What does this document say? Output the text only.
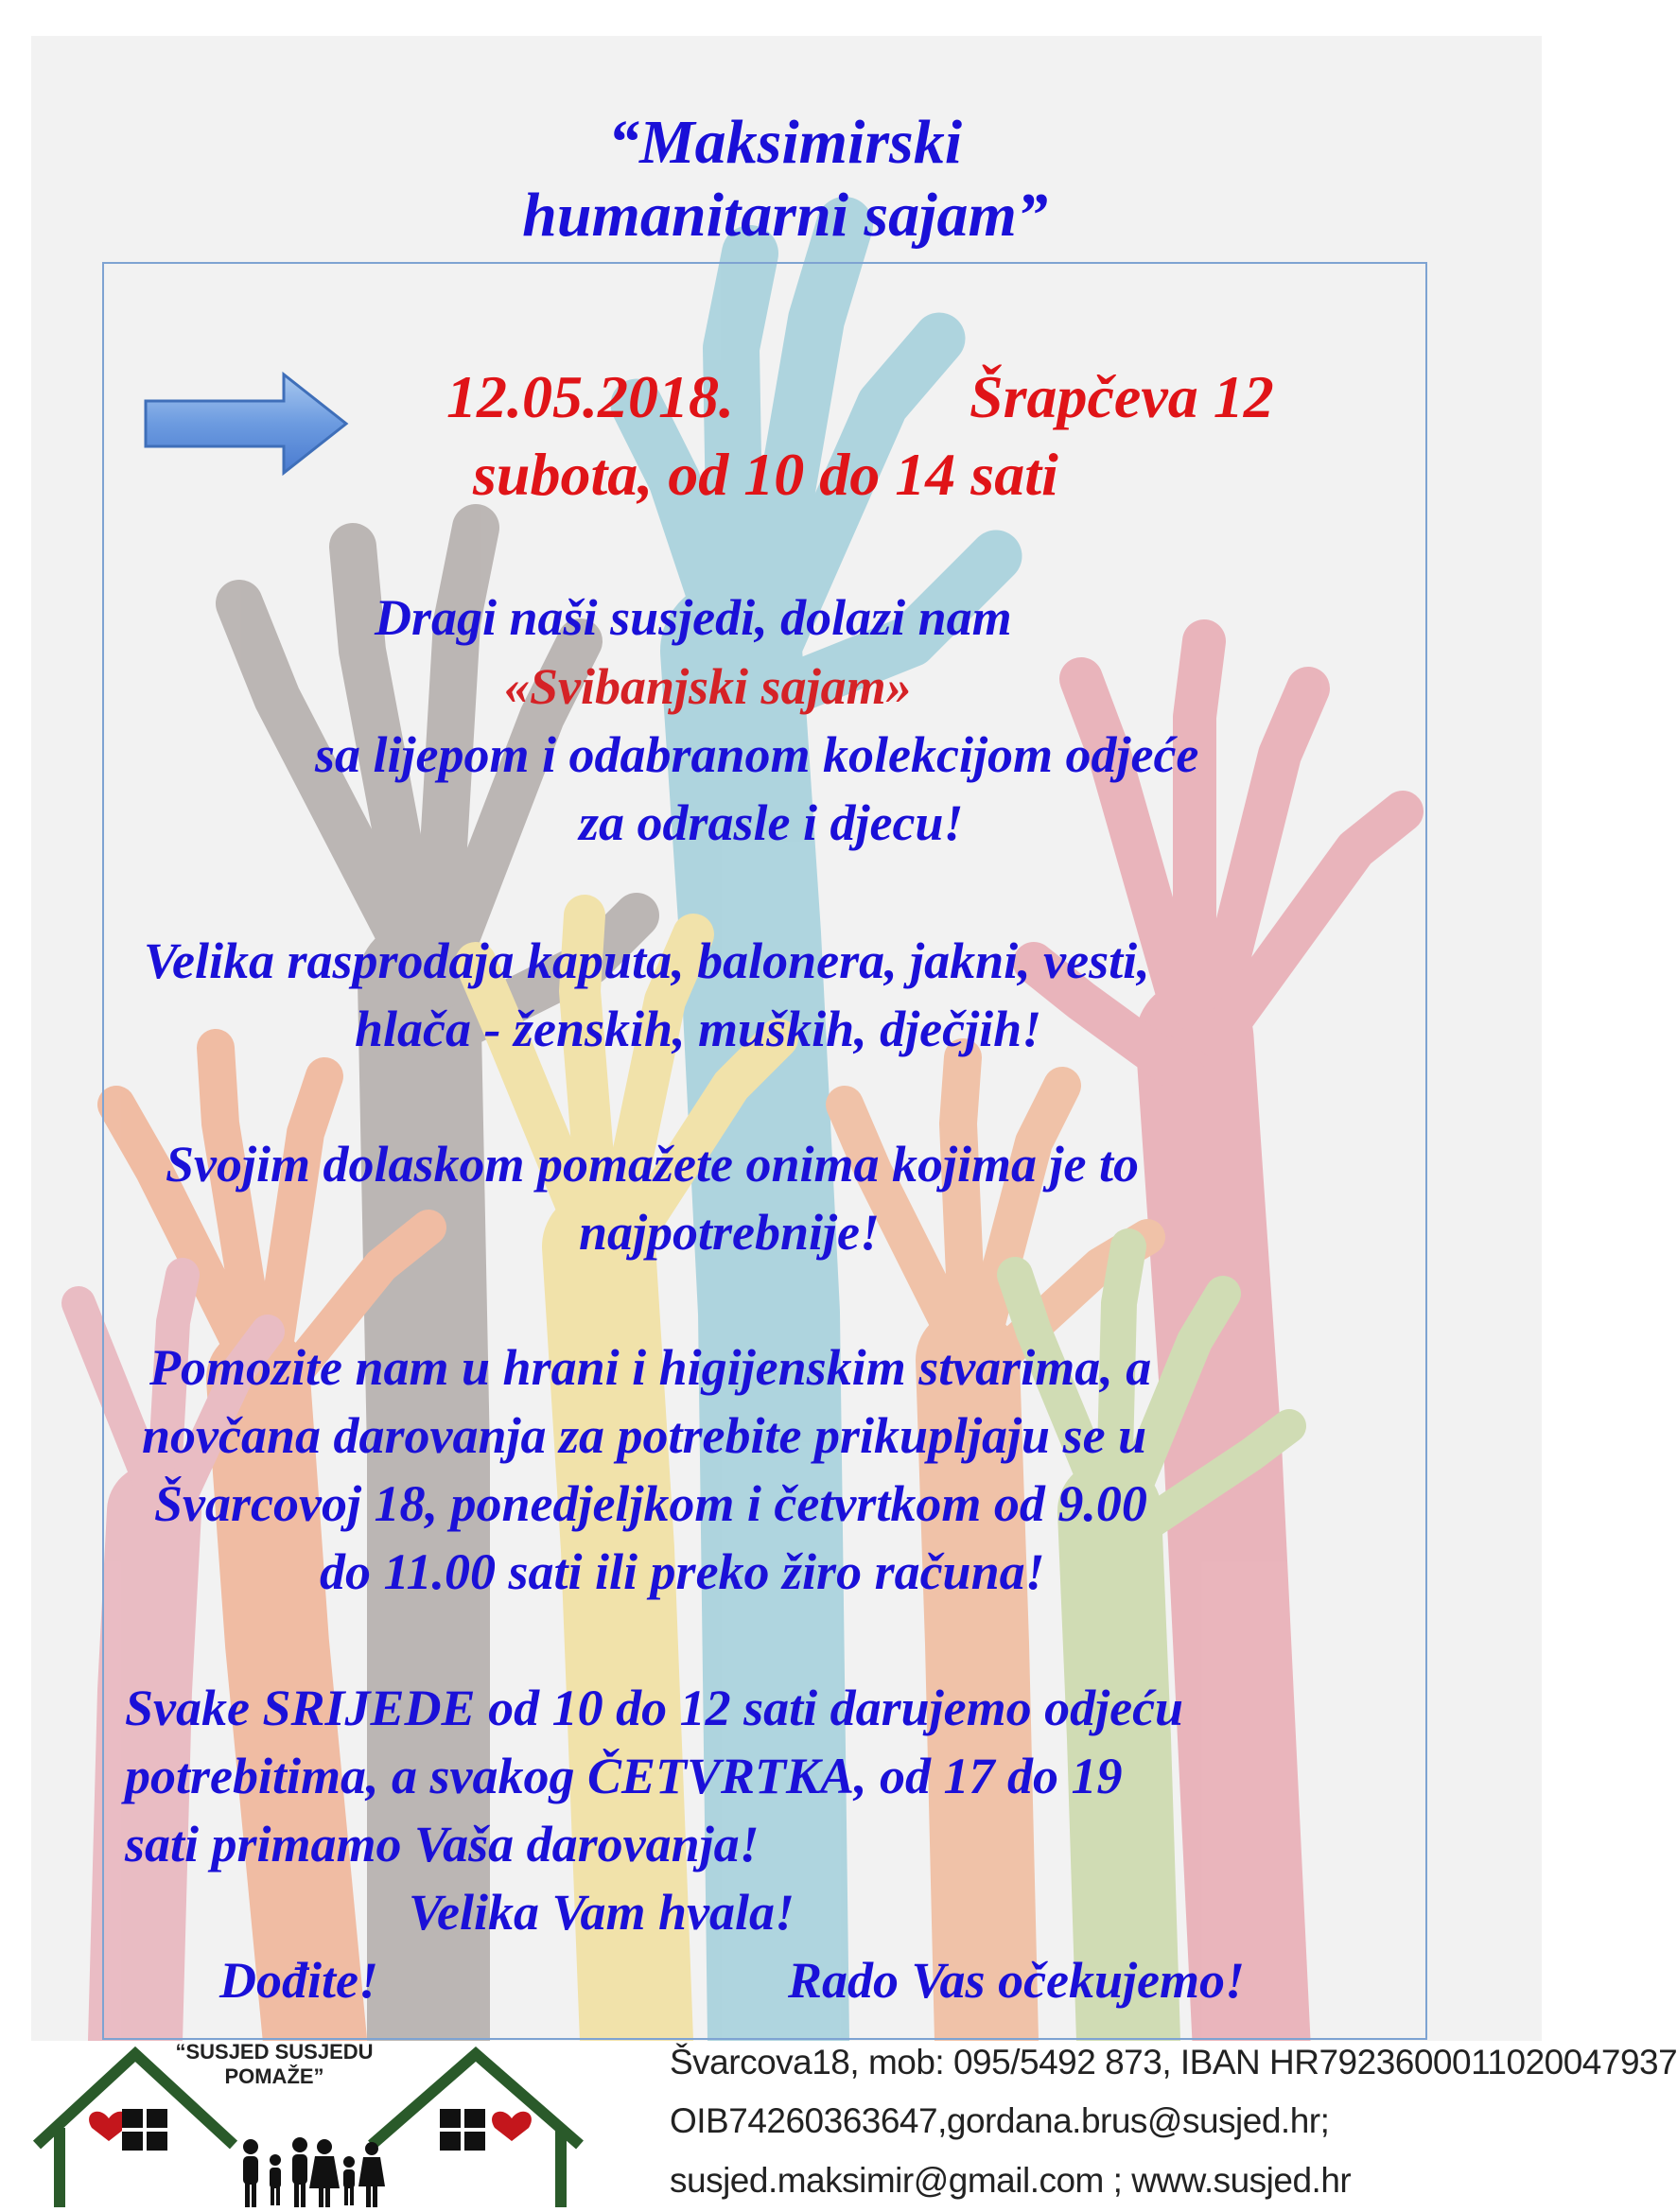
“Maksimirski
humanitarni sajam”
12.05.2018.	Šrapčeva 12
subota, od 10 do 14 sati
Dragi naši susjedi, dolazi nam
«Svibanjski sajam»
sa lijepom i odabranom kolekcijom odjeće
za odrasle i djecu!
Velika rasprodaja kaputa, balonera, jakni, vesti,
hlača - ženskih, muških, dječjih!
Svojim dolaskom pomažete onima kojima je to
najpotrebnije!
Pomozite nam u hrani i higijenskim stvarima, a
novčana darovanja za potrebite prikupljaju se u
Švarcovoj 18, ponedjeljkom i četvrtkom od 9.00
do 11.00 sati ili preko žiro računa!
Svake SRIJEDE od 10 do 12 sati darujemo odjeću
potrebitima, a svakog ČETVRTKA, od 17 do 19
sati primamo Vaša darovanja!
Velika Vam hvala!
Dođite!	Rado Vas očekujemo!
“SUSJED SUSJEDU
POMAŽE”	Švarcova18, mob: 095/5492 873, IBAN HR7923600011020047937
OIB74260363647,gordana.brus@susjed.hr;
susjed.maksimir@gmail.com ; www.susjed.hr
